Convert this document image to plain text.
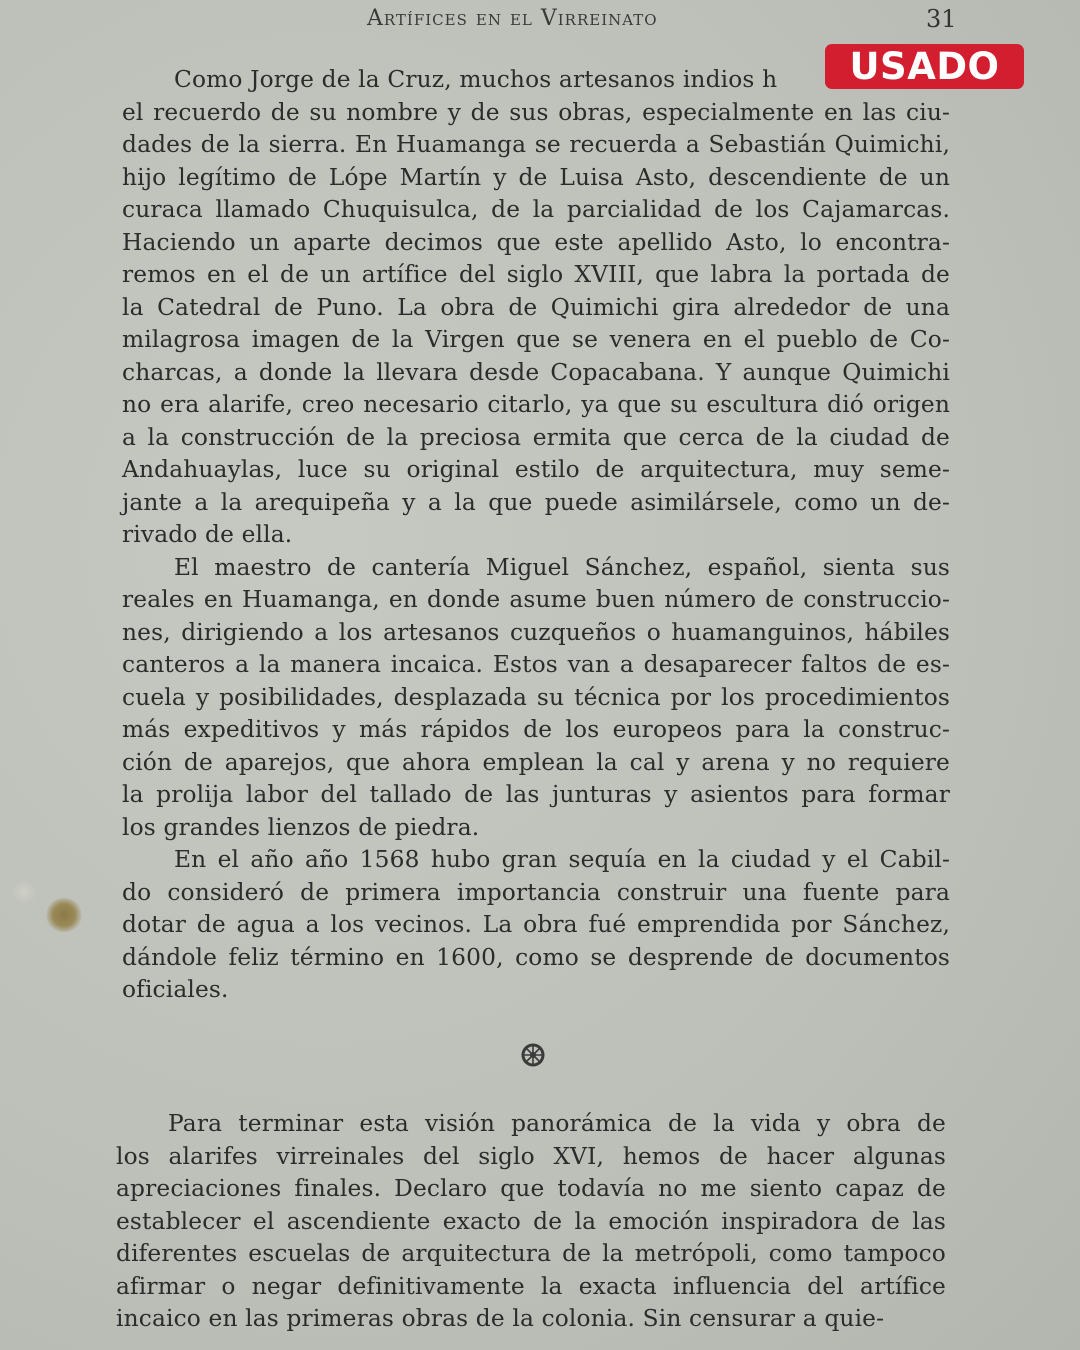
Artífices en el Virreinato	31

Como Jorge de la Cruz, muchos artesanos indios h
el recuerdo de su nombre y de sus obras, especialmente en las ciu-
dades de la sierra. En Huamanga se recuerda a Sebastián Quimichi,
hijo legítimo de Lópe Martín y de Luisa Asto, descendiente de un
curaca llamado Chuquisulca, de la parcialidad de los Cajamarcas.
Haciendo un aparte decimos que este apellido Asto, lo encontra-
remos en el de un artífice del siglo XVIII, que labra la portada de
la Catedral de Puno. La obra de Quimichi gira alrededor de una
milagrosa imagen de la Virgen que se venera en el pueblo de Co-
charcas, a donde la llevara desde Copacabana. Y aunque Quimichi
no era alarife, creo necesario citarlo, ya que su escultura dió origen
a la construcción de la preciosa ermita que cerca de la ciudad de
Andahuaylas, luce su original estilo de arquitectura, muy seme-
jante a la arequipeña y a la que puede asimilársele, como un de-
rivado de ella.

El maestro de cantería Miguel Sánchez, español, sienta sus
reales en Huamanga, en donde asume buen número de construccio-
nes, dirigiendo a los artesanos cuzqueños o huamanguinos, hábiles
canteros a la manera incaica. Estos van a desaparecer faltos de es-
cuela y posibilidades, desplazada su técnica por los procedimientos
más expeditivos y más rápidos de los europeos para la construc-
ción de aparejos, que ahora emplean la cal y arena y no requiere
la prolija labor del tallado de las junturas y asientos para formar
los grandes lienzos de piedra.

En el año año 1568 hubo gran sequía en la ciudad y el Cabil-
do consideró de primera importancia construir una fuente para
dotar de agua a los vecinos. La obra fué emprendida por Sánchez,
dándole feliz término en 1600, como se desprende de documentos
oficiales.

Para terminar esta visión panorámica de la vida y obra de
los alarifes virreinales del siglo XVI, hemos de hacer algunas
apreciaciones finales. Declaro que todavía no me siento capaz de
establecer el ascendiente exacto de la emoción inspiradora de las
diferentes escuelas de arquitectura de la metrópoli, como tampoco
afirmar o negar definitivamente la exacta influencia del artífice
incaico en las primeras obras de la colonia. Sin censurar a quie-

USADO
